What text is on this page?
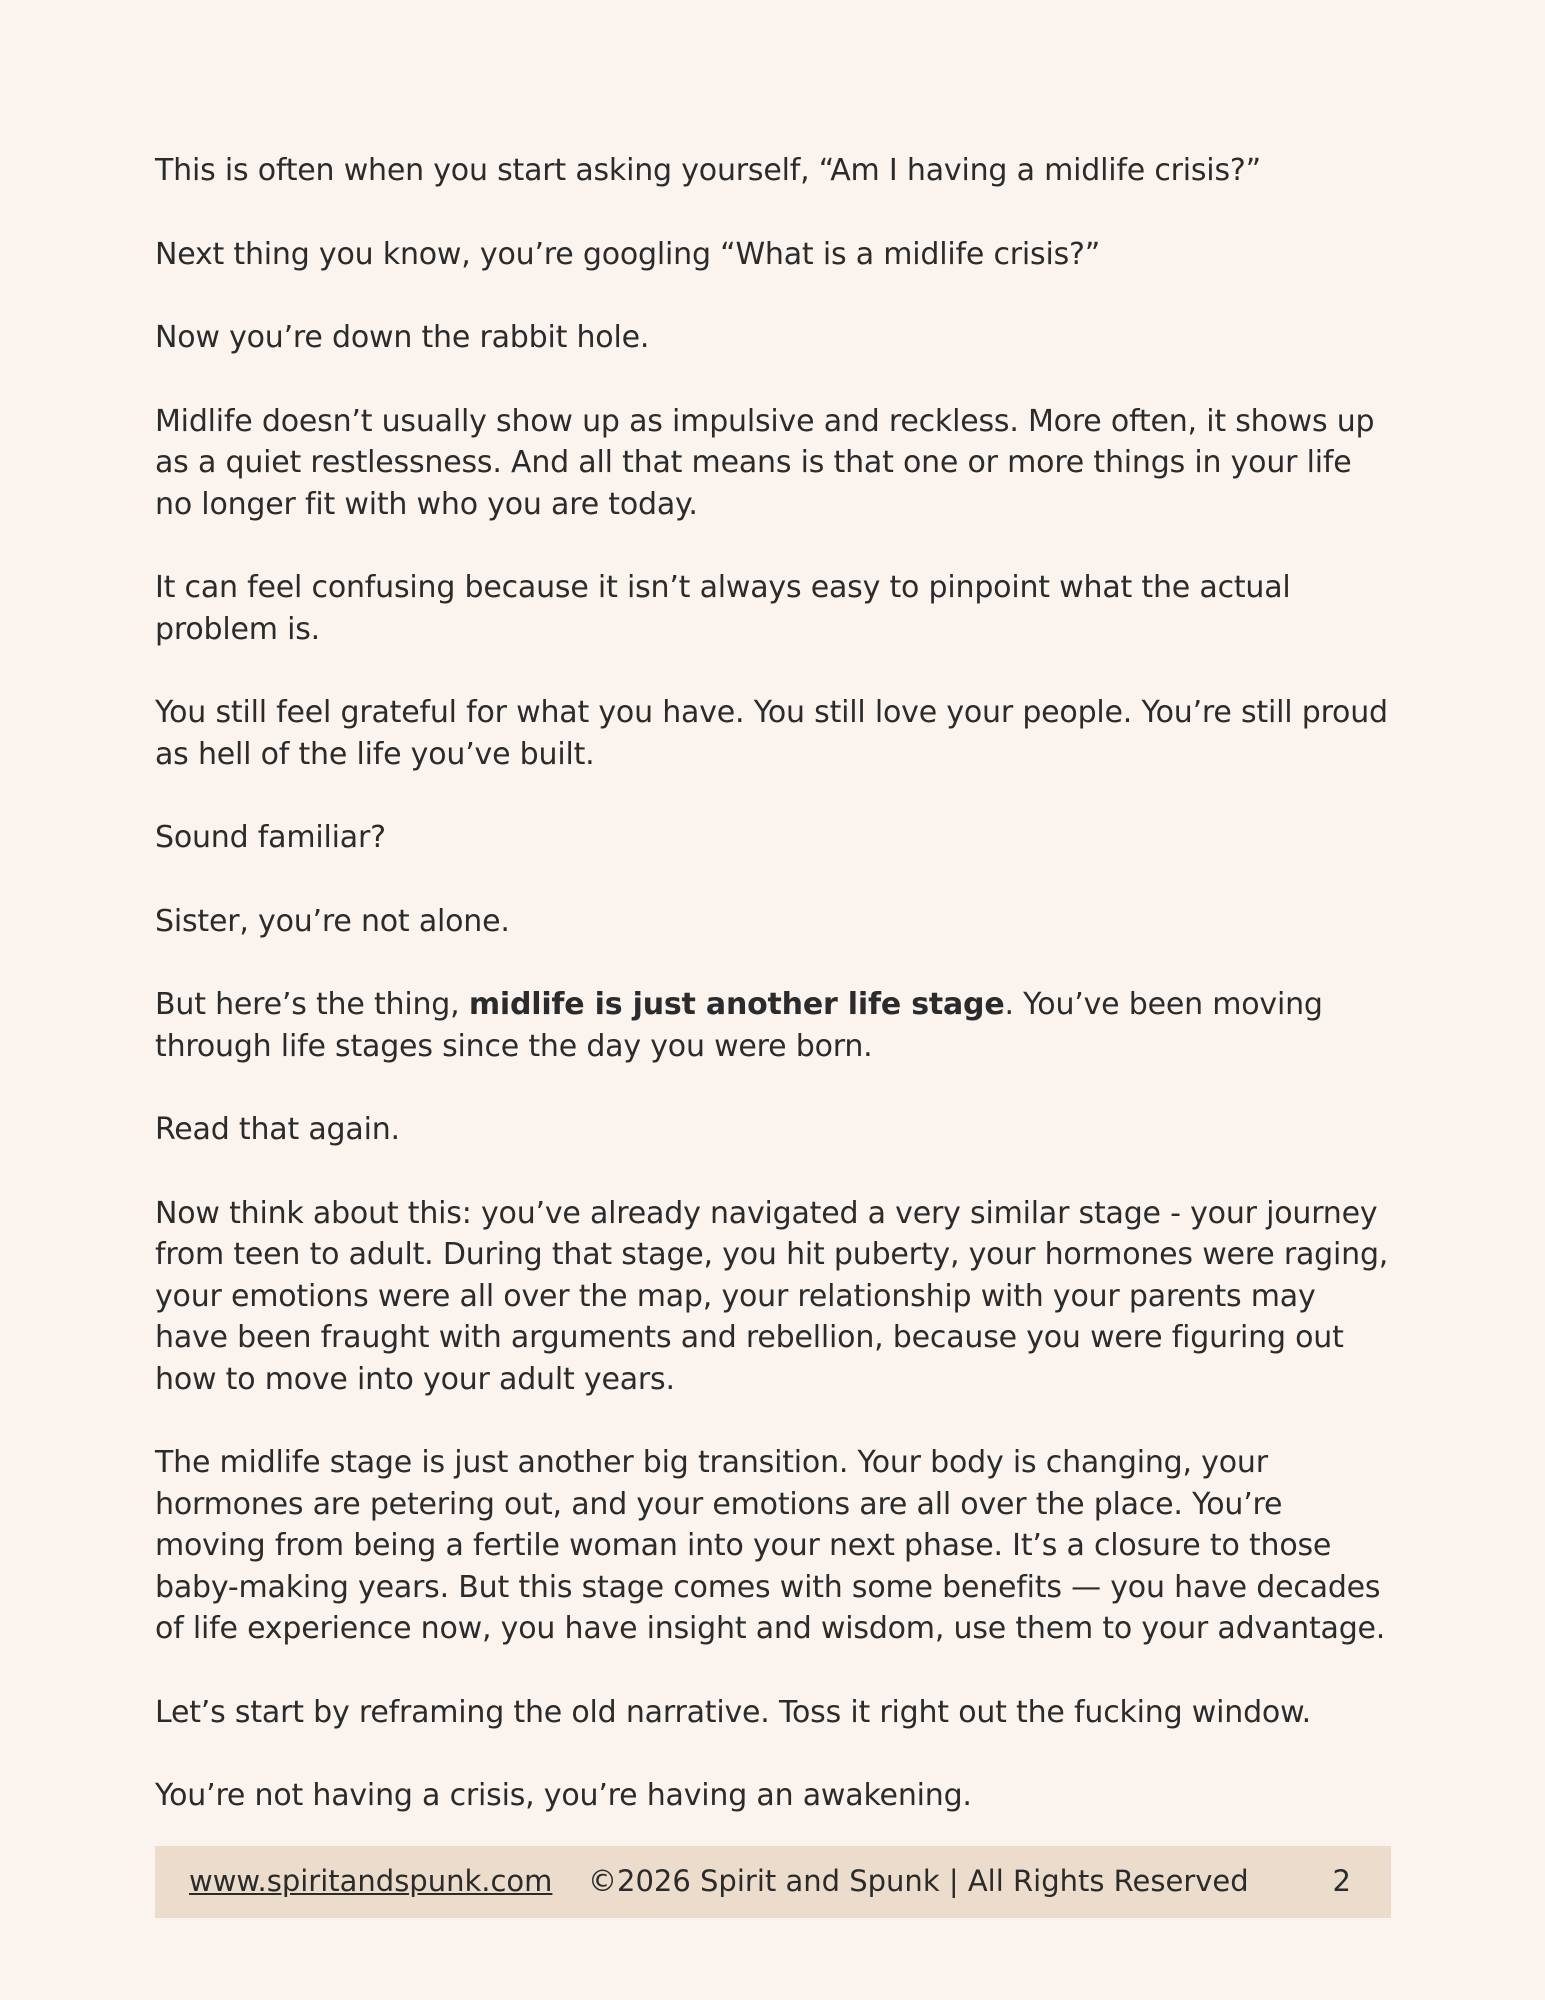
This is often when you start asking yourself, “Am I having a midlife crisis?”

Next thing you know, you’re googling “What is a midlife crisis?”

Now you’re down the rabbit hole.

Midlife doesn’t usually show up as impulsive and reckless. More often, it shows up as a quiet restlessness. And all that means is that one or more things in your life no longer fit with who you are today.

It can feel confusing because it isn’t always easy to pinpoint what the actual problem is.

You still feel grateful for what you have. You still love your people. You’re still proud as hell of the life you’ve built.

Sound familiar?

Sister, you’re not alone.

But here’s the thing, midlife is just another life stage. You’ve been moving through life stages since the day you were born.

Read that again.

Now think about this: you’ve already navigated a very similar stage - your journey from teen to adult. During that stage, you hit puberty, your hormones were raging, your emotions were all over the map, your relationship with your parents may have been fraught with arguments and rebellion, because you were figuring out how to move into your adult years.

The midlife stage is just another big transition. Your body is changing, your hormones are petering out, and your emotions are all over the place. You’re moving from being a fertile woman into your next phase. It’s a closure to those baby-making years. But this stage comes with some benefits — you have decades of life experience now, you have insight and wisdom, use them to your advantage.

Let’s start by reframing the old narrative. Toss it right out the fucking window.

You’re not having a crisis, you’re having an awakening.

www.spiritandspunk.com ©2026 Spirit and Spunk | All Rights Reserved	2
